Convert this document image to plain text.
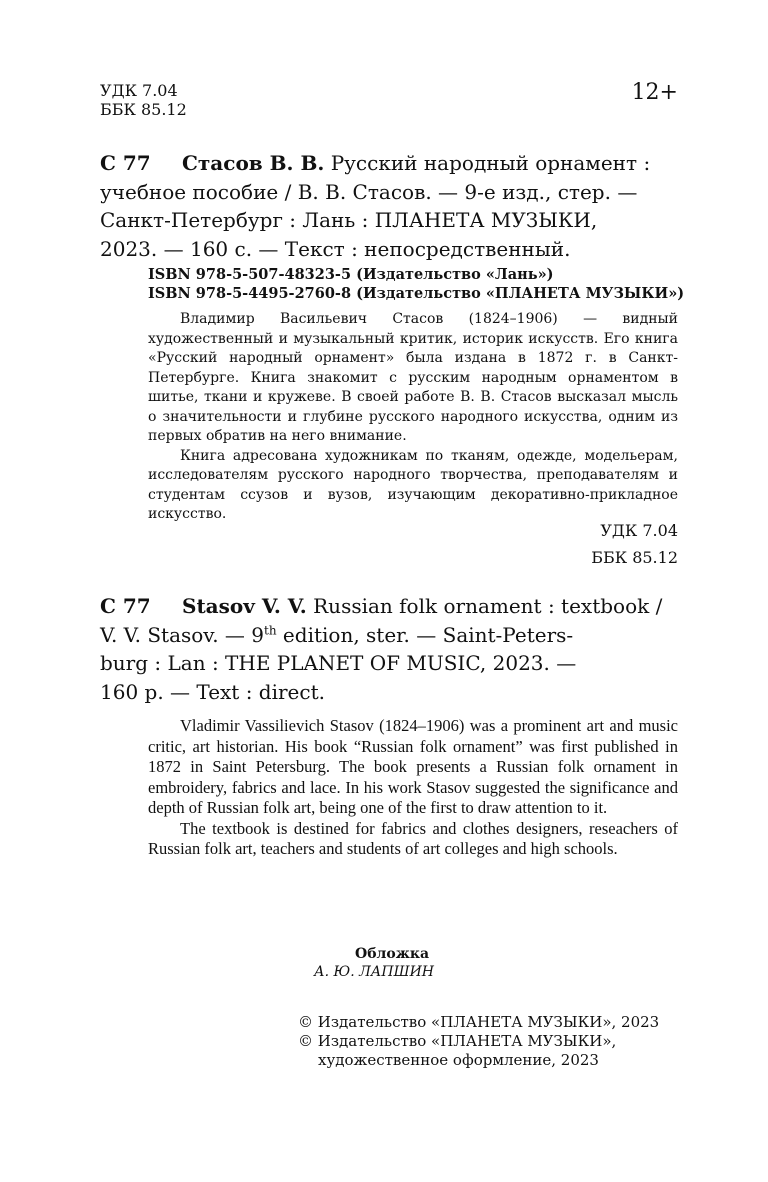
УДК 7.04
ББК 85.12
12+
С 77 Стасов В. В. Русский народный орнамент :
учебное пособие / В. В. Стасов. — 9-е изд., стер. —
Санкт-Петербург : Лань : ПЛАНЕТА МУЗЫКИ,
2023. — 160 с. — Текст : непосредственный.
ISBN 978-5-507-48323-5 (Издательство «Лань»)
ISBN 978-5-4495-2760-8 (Издательство «ПЛАНЕТА МУЗЫКИ»)

Владимир Васильевич Стасов (1824–1906) — видный художественный и музыкальный критик, историк искусств. Его книга «Русский народный орнамент» была издана в 1872 г. в Санкт-Петербурге. Книга знакомит с русским народным орнаментом в шитье, ткани и кружеве. В своей работе В. В. Стасов высказал мысль о значительности и глубине русского народного искусства, одним из первых обратив на него внимание.

Книга адресована художникам по тканям, одежде, модельерам, исследователям русского народного творчества, преподавателям и студентам ссузов и вузов, изучающим декоративно-прикладное искусство.

УДК 7.04
ББК 85.12
С 77 Stasov V. V. Russian folk ornament : textbook /
V. V. Stasov. — 9th edition, ster. — Saint-Peters-
burg : Lan : THE PLANET OF MUSIC, 2023. —
160 p. — Text : direct.

Vladimir Vassilievich Stasov (1824–1906) was a prominent art and music critic, art historian. His book “Russian folk ornament” was first published in 1872 in Saint Petersburg. The book presents a Russian folk ornament in embroidery, fabrics and lace. In his work Stasov suggested the significance and depth of Russian folk art, being one of the first to draw attention to it.

The textbook is destined for fabrics and clothes designers, reseachers of Russian folk art, teachers and students of art colleges and high schools.

Обложка
А. Ю. ЛАПШИН
© Издательство «ПЛАНЕТА МУЗЫКИ», 2023
© Издательство «ПЛАНЕТА МУЗЫКИ»,
художественное оформление, 2023
